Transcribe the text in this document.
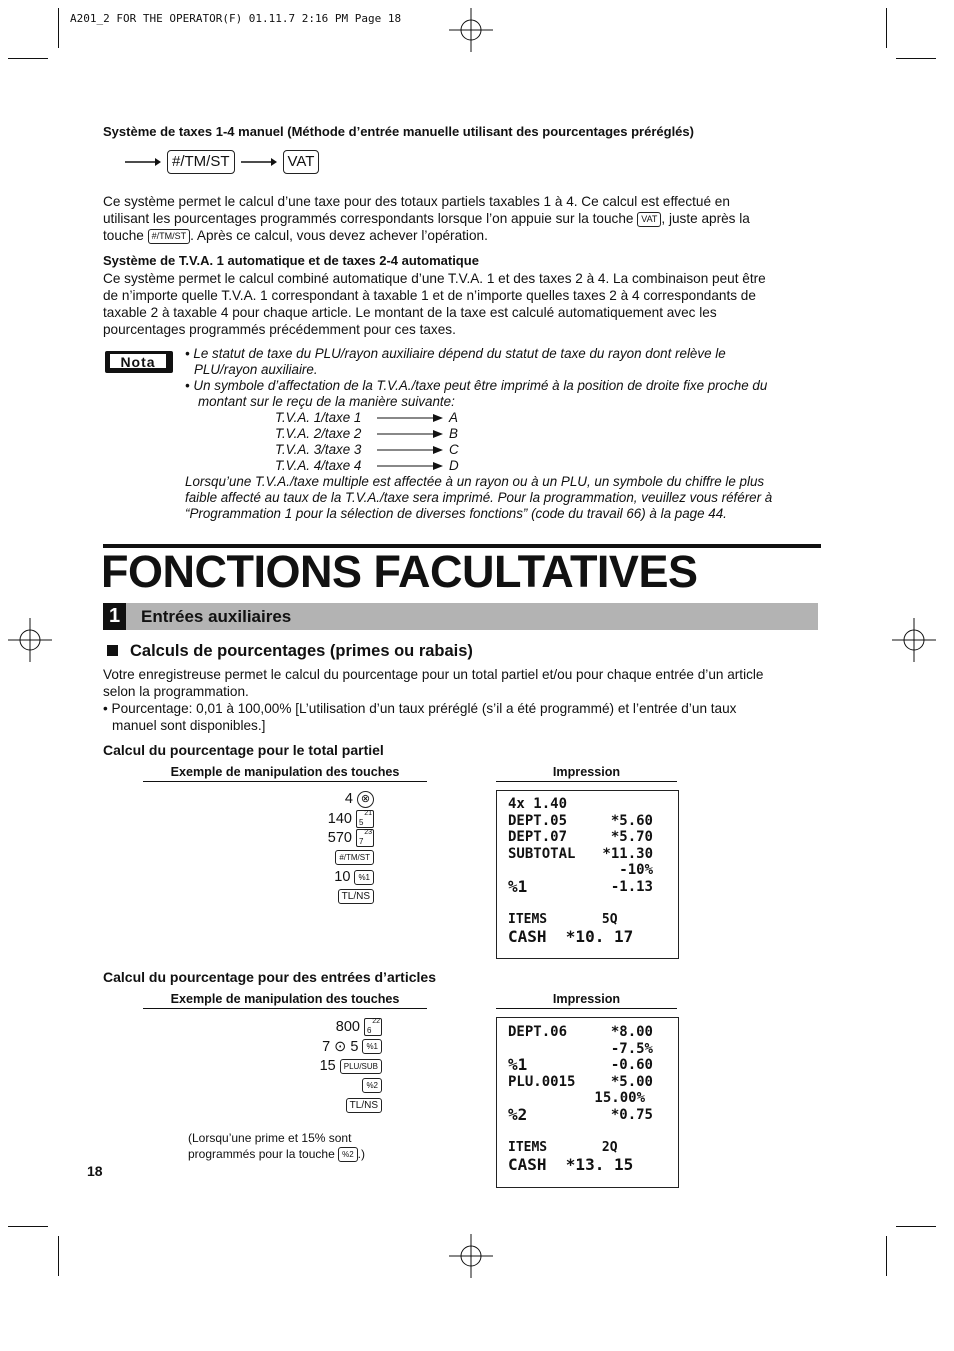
A201_2 FOR THE OPERATOR(F) 01.11.7 2:16 PM Page 18
Système de taxes 1-4 manuel (Méthode d’entrée manuelle utilisant des pourcentages préréglés)
#/TM/ST	VAT
Ce système permet le calcul d’une taxe pour des totaux partiels taxables 1 à 4. Ce calcul est effectué en
utilisant les pourcentages programmés correspondants lorsque l’on appuie sur la touche VAT , juste après la
touche #/TM/ST . Après ce calcul, vous devez achever l’opération.
Système de T.V.A. 1 automatique et de taxes 2-4 automatique
Ce système permet le calcul combiné automatique d’une T.V.A. 1 et des taxes 2 à 4. La combinaison peut être
de n’importe quelle T.V.A. 1 correspondant à taxable 1 et de n’importe quelles taxes 2 à 4 correspondants de
taxable 2 à taxable 4 pour chaque article. Le montant de la taxe est calculé automatiquement avec les
pourcentages programmés précédemment pour ces taxes.
Nota
• Le statut de taxe du PLU/rayon auxiliaire dépend du statut de taxe du rayon dont relève le
PLU/rayon auxiliaire.
• Un symbole d’affectation de la T.V.A./taxe peut être imprimé à la position de droite fixe proche du
montant sur le reçu de la manière suivante:
T.V.A. 1/taxe 1	A
T.V.A. 2/taxe 2	B
T.V.A. 3/taxe 3	C
T.V.A. 4/taxe 4	D
Lorsqu’une T.V.A./taxe multiple est affectée à un rayon ou à un PLU, un symbole du chiffre le plus
faible affecté au taux de la T.V.A./taxe sera imprimé. Pour la programmation, veuillez vous référer à
“Programmation 1 pour la sélection de diverses fonctions” (code du travail 66) à la page 44.
FONCTIONS FACULTATIVES
1	Entrées auxiliaires
Calculs de pourcentages (primes ou rabais)
Votre enregistreuse permet le calcul du pourcentage pour un total partiel et/ou pour chaque entrée d’un article
selon la programmation.
• Pourcentage: 0,01 à 100,00% [L’utilisation d’un taux préréglé (s’il a été programmé) et l’entrée d’un taux
manuel sont disponibles.]
Calcul du pourcentage pour le total partiel
Exemple de manipulation des touches	Impression
4 ⊗
140 21
5
570 23
7
#/TM/ST
10 %1
TL/NS
4x 1.40
DEPT.05	*5.60
DEPT.07	*5.70
SUBTOTAL *11.30
-10%
%1	-1.13
ITEMS       5Q
CASH  *10. 17
Calcul du pourcentage pour des entrées d’articles
Exemple de manipulation des touches	Impression
800 22
6
7 ⊙ 5 %1
15 PLU/SUB
%2
TL/NS
(Lorsqu’une prime et 15% sont
programmés pour la touche %2 .)
DEPT.06	*8.00
-7.5%
%1	-0.60
PLU.0015	*5.00
15.00%
%2	*0.75
ITEMS       2Q
CASH  *13. 15
18
